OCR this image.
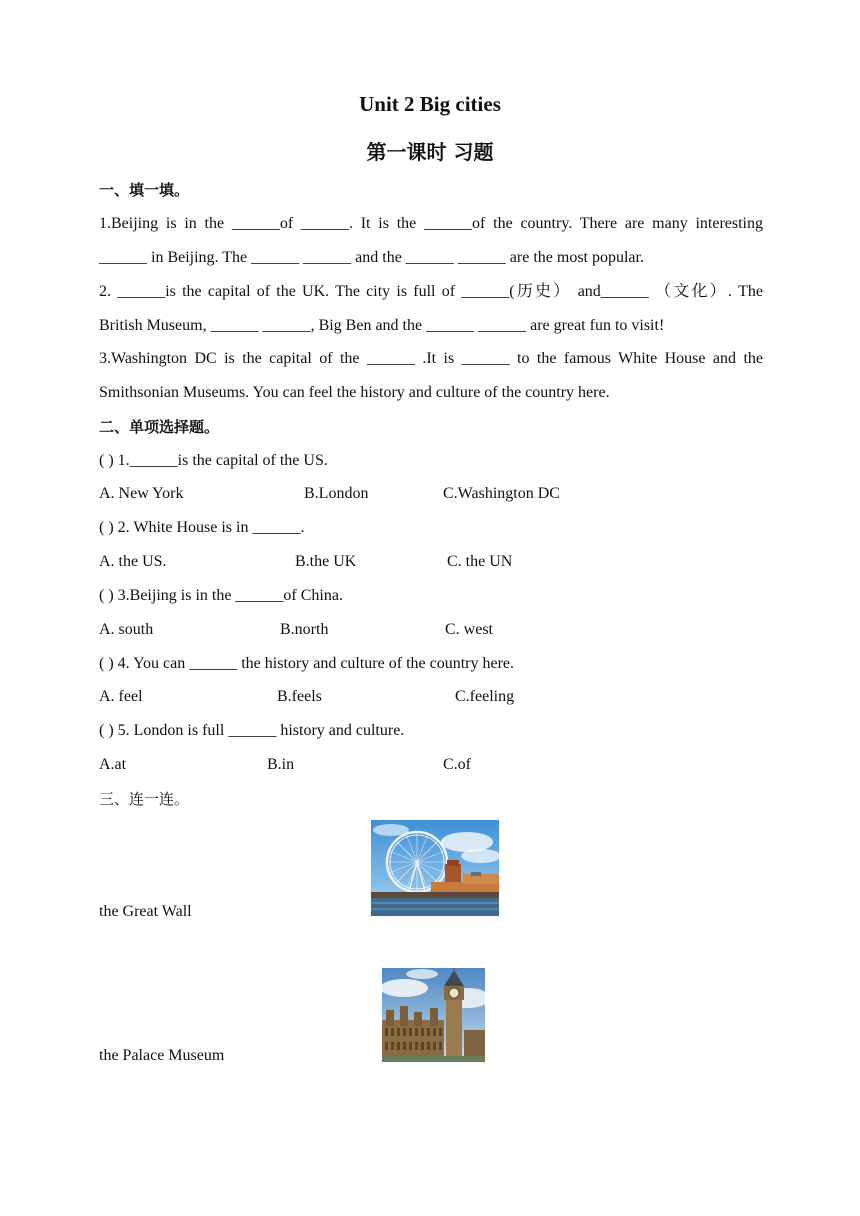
Unit 2 Big cities
第一课时 习题
一、填一填。
1.Beijing is in the ______of ______. It is the ______of the country. There are many interesting
______ in Beijing. The ______ ______ and the ______ ______ are the most popular.
2. ______is the capital of the UK. The city is full of ______(历史） and______ （文化）. The
British Museum, ______ ______, Big Ben and the ______ ______ are great fun to visit!
3.Washington DC is the capital of the ______ .It is ______ to the famous White House and the
Smithsonian Museums. You can feel the history and culture of the country here.
二、单项选择题。
( ) 1.______is the capital of the US.
A. New York	B.London	C.Washington DC
( ) 2. White House is in ______.
A. the US.	B.the UK	C. the UN
( ) 3.Beijing is in the ______of China.
A. south	B.north	C. west
( ) 4. You can ______ the history and culture of the country here.
A. feel	B.feels	C.feeling
( ) 5. London is full ______ history and culture.
A.at	B.in	C.of
三、连一连。
the Great Wall
the Palace Museum
